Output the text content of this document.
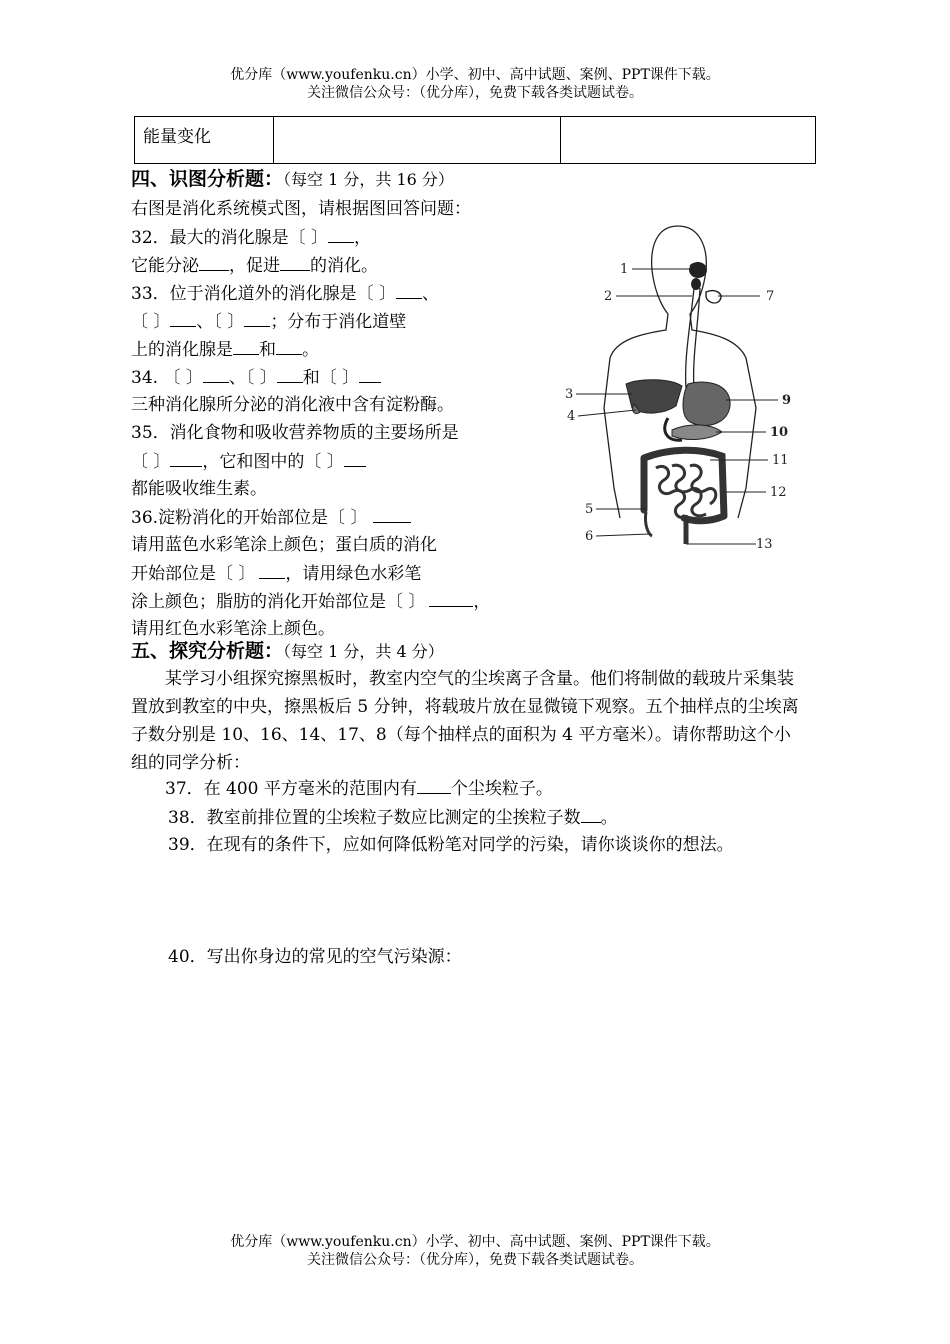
优分库（www.youfenku.cn）小学、初中、高中试题、案例、PPT课件下载。
关注微信公众号：（优分库），免费下载各类试题试卷。
能量变化		
四、识图分析题：（每空 1 分，共 16 分）
右图是消化系统模式图，请根据图回答问题：
32．最大的消化腺是〔 〕 ，
它能分泌 ，促进 的消化。
33．位于消化道外的消化腺是〔 〕 、
〔 〕 、〔 〕 ；分布于消化道壁
上的消化腺是 和 。
34. 〔 〕 、〔 〕 和〔 〕
三种消化腺所分泌的消化液中含有淀粉酶。
35．消化食物和吸收营养物质的主要场所是
〔 〕 ，它和图中的〔 〕
都能吸收维生素。
36.淀粉消化的开始部位是〔 〕
请用蓝色水彩笔涂上颜色；蛋白质的消化
开始部位是〔 〕 ，请用绿色水彩笔
涂上颜色；脂肪的消化开始部位是〔 〕	，
请用红色水彩笔涂上颜色。
1
2
3
4
5
6
7
9
10
11
12
13
五、探究分析题：（每空 1 分，共 4 分）
某学习小组探究擦黑板时，教室内空气的尘埃离子含量。他们将制做的载玻片采集装置放到教室的中央，擦黑板后 5 分钟，将载玻片放在显微镜下观察。五个抽样点的尘埃离子数分别是 10、16、14、17、8（每个抽样点的面积为 4 平方毫米）。请你帮助这个小组的同学分析：
37．在 400 平方毫米的范围内有 个尘埃粒子。
38．教室前排位置的尘埃粒子数应比测定的尘挨粒子数 。
39．在现有的条件下，应如何降低粉笔对同学的污染，请你谈谈你的想法。
40．写出你身边的常见的空气污染源：
优分库（www.youfenku.cn）小学、初中、高中试题、案例、PPT课件下载。
关注微信公众号：（优分库），免费下载各类试题试卷。
